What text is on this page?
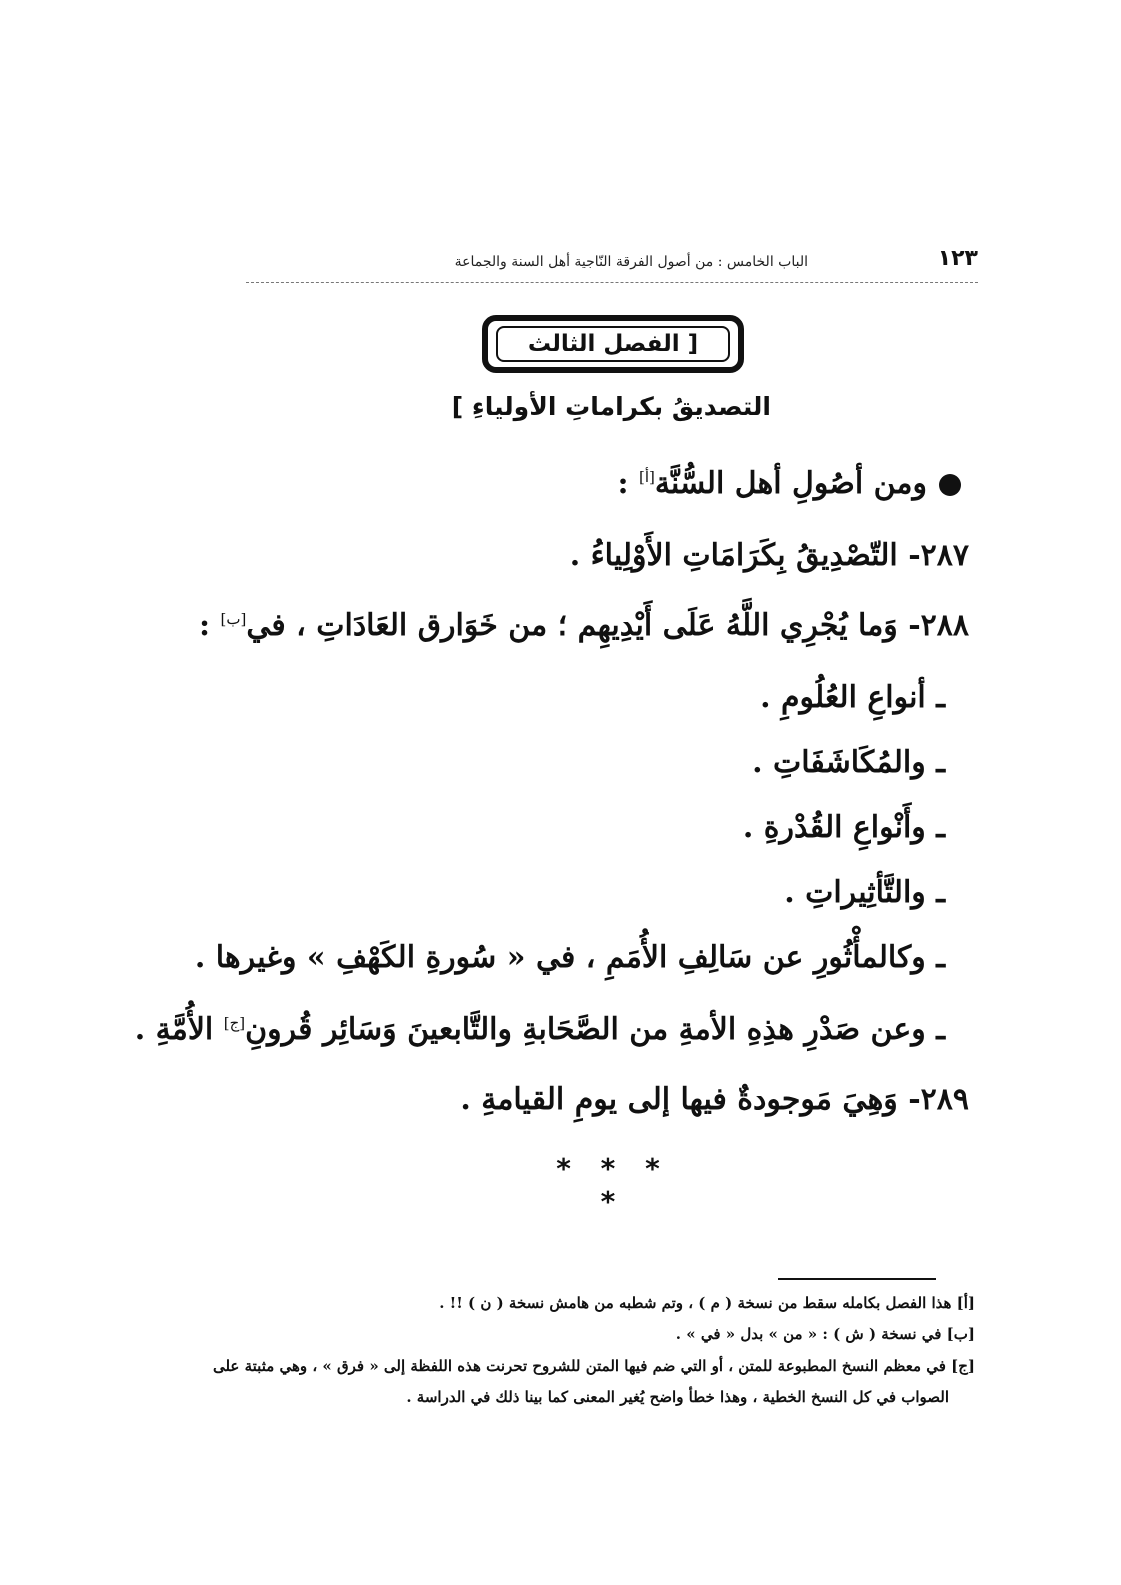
١٢٣
الباب الخامس : من أصول الفرقة النّاجية أهل السنة والجماعة
[ الفصل الثالث
التصديقُ بكراماتِ الأولياءِ ]
ومن أصُولِ أهل السُّنَّة[أ] :
٢٨٧- التّصْدِيقُ بِكَرَامَاتِ الأَوْلِياءُ .
٢٨٨- وَما يُجْرِي اللَّهُ عَلَى أَيْدِيهِم ؛ من خَوَارق العَادَاتِ ، في[ب] :
ـ أنواعِ العُلُومِ .
ـ والمُكَاشَفَاتِ .
ـ وأَنْواعِ القُدْرةِ .
ـ والتَّأثِيراتِ .
ـ وكالمأْثُورِ عن سَالِفِ الأُمَمِ ، في « سُورةِ الكَهْفِ » وغيرها .
ـ وعن صَدْرِ هذِهِ الأمةِ من الصَّحَابةِ والتَّابعينَ وَسَائِر قُرونِ[ج] الأُمَّةِ .
٢٨٩- وَهِيَ مَوجودةٌ فيها إلى يومِ القيامةِ .
* * * *
[أ] هذا الفصل بكامله سقط من نسخة ( م ) ، وتم شطبه من هامش نسخة ( ن ) !! .
[ب] في نسخة ( ش ) : « من » بدل « في » .
[ج] في معظم النسخ المطبوعة للمتن ، أو التي ضم فيها المتن للشروح تحرنت هذه اللفظة إلى « فرق » ، وهي مثبتة على
الصواب في كل النسخ الخطية ، وهذا خطأ واضح يُغير المعنى كما بينا ذلك في الدراسة .
